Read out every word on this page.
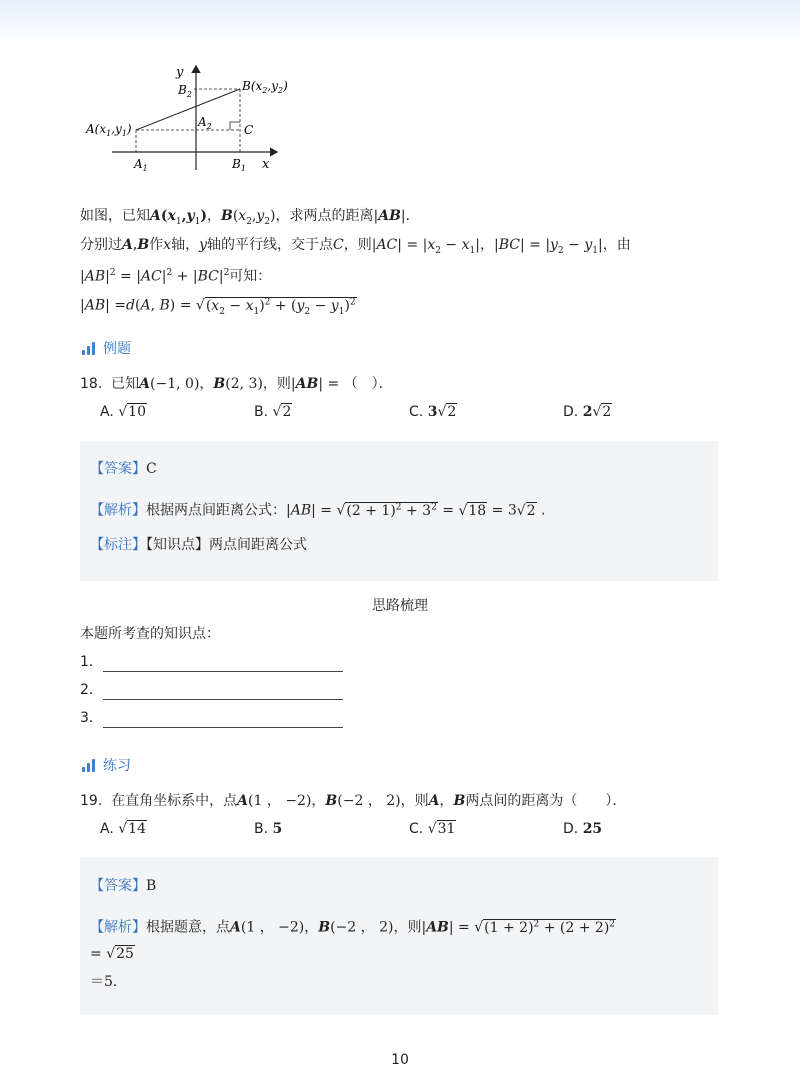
y
x
$B_2$
$B(x_2,y_2)$
$A(x_1,y_1)$	$A_2$	C
$A_1$	$B_1$
如图，已知$A(x_1,y_1)$，$B(x_2,y_2)$，求两点的距离|AB|．
分别过A,B作x轴，y轴的平行线，交于点C，则$|AC| = |x_2 - x_1|$，$|BC| = |y_2 - y_1|$，由
$|AB|^2 = |AC|^2 + |BC|^2$可知：
|AB| =d(A, $B) = √(x_2 - x_1)^2 + (y_2 - y_1)^2$
例题
18. 已知A(−1, 0)，B(2, 3)，则|AB| = （　）．
A. √10	B. √2	C. 3√2	D. 2√2
【答案】C
【解析】根据两点间距离公式：$|AB| = √(2 + 1)^2 + 3^2 = √18 = 3√2$ .
【标注】【知识点】两点间距离公式
思路梳理
本题所考查的知识点：
1．
2．
3．
练习
19. 在直角坐标系中，点A(1 ， −2)，B(−2 ， 2)，则A，B两点间的距离为（　　）．
A. √14	B. 5	C. √31	D. 25
【答案】B
【解析】根据题意，点A(1 ， −2)，B(−2 ， 2)，则$|AB| = √(1 + 2)^2 + (2 + 2)^2$
= √25
＝5．
10
